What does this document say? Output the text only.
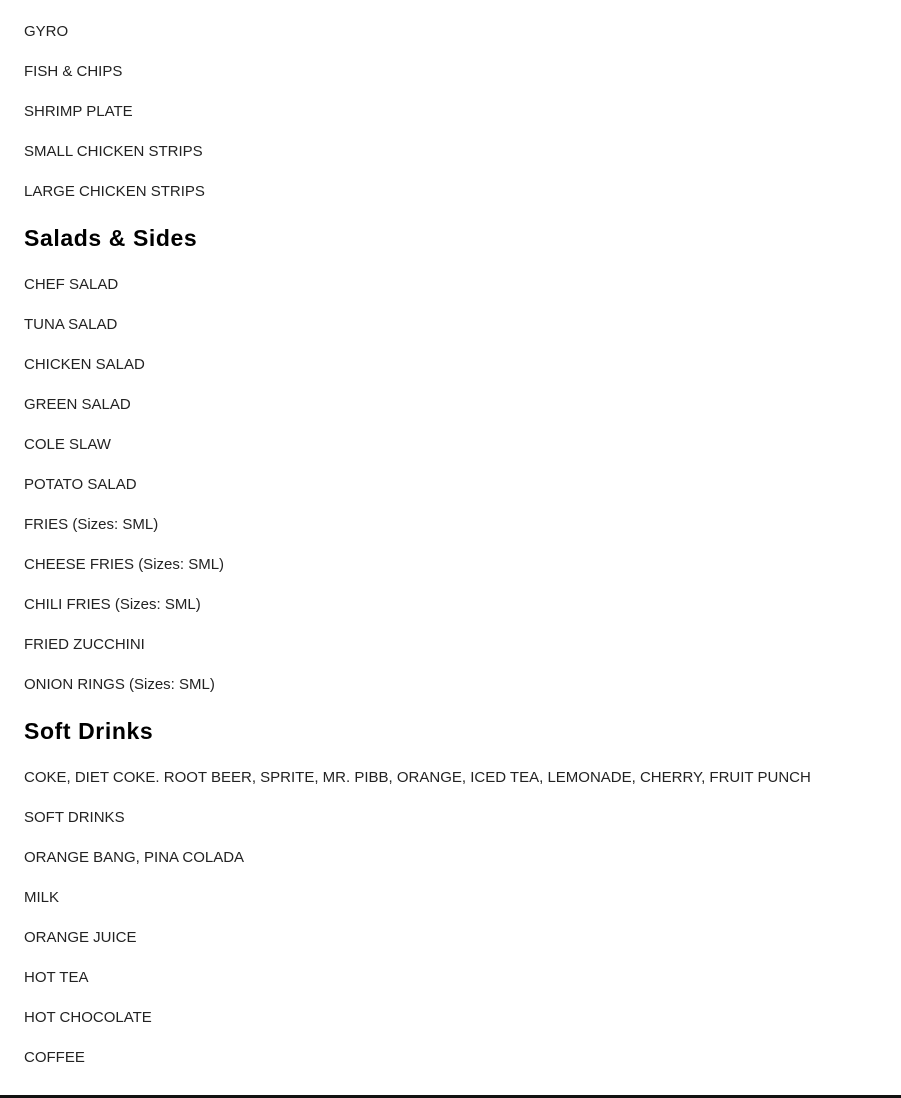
GYRO
FISH & CHIPS
SHRIMP PLATE
SMALL CHICKEN STRIPS
LARGE CHICKEN STRIPS
Salads & Sides
CHEF SALAD
TUNA SALAD
CHICKEN SALAD
GREEN SALAD
COLE SLAW
POTATO SALAD
FRIES (Sizes: SML)
CHEESE FRIES (Sizes: SML)
CHILI FRIES (Sizes: SML)
FRIED ZUCCHINI
ONION RINGS (Sizes: SML)
Soft Drinks
COKE, DIET COKE. ROOT BEER, SPRITE, MR. PIBB, ORANGE, ICED TEA, LEMONADE, CHERRY, FRUIT PUNCH
SOFT DRINKS
ORANGE BANG, PINA COLADA
MILK
ORANGE JUICE
HOT TEA
HOT CHOCOLATE
COFFEE
